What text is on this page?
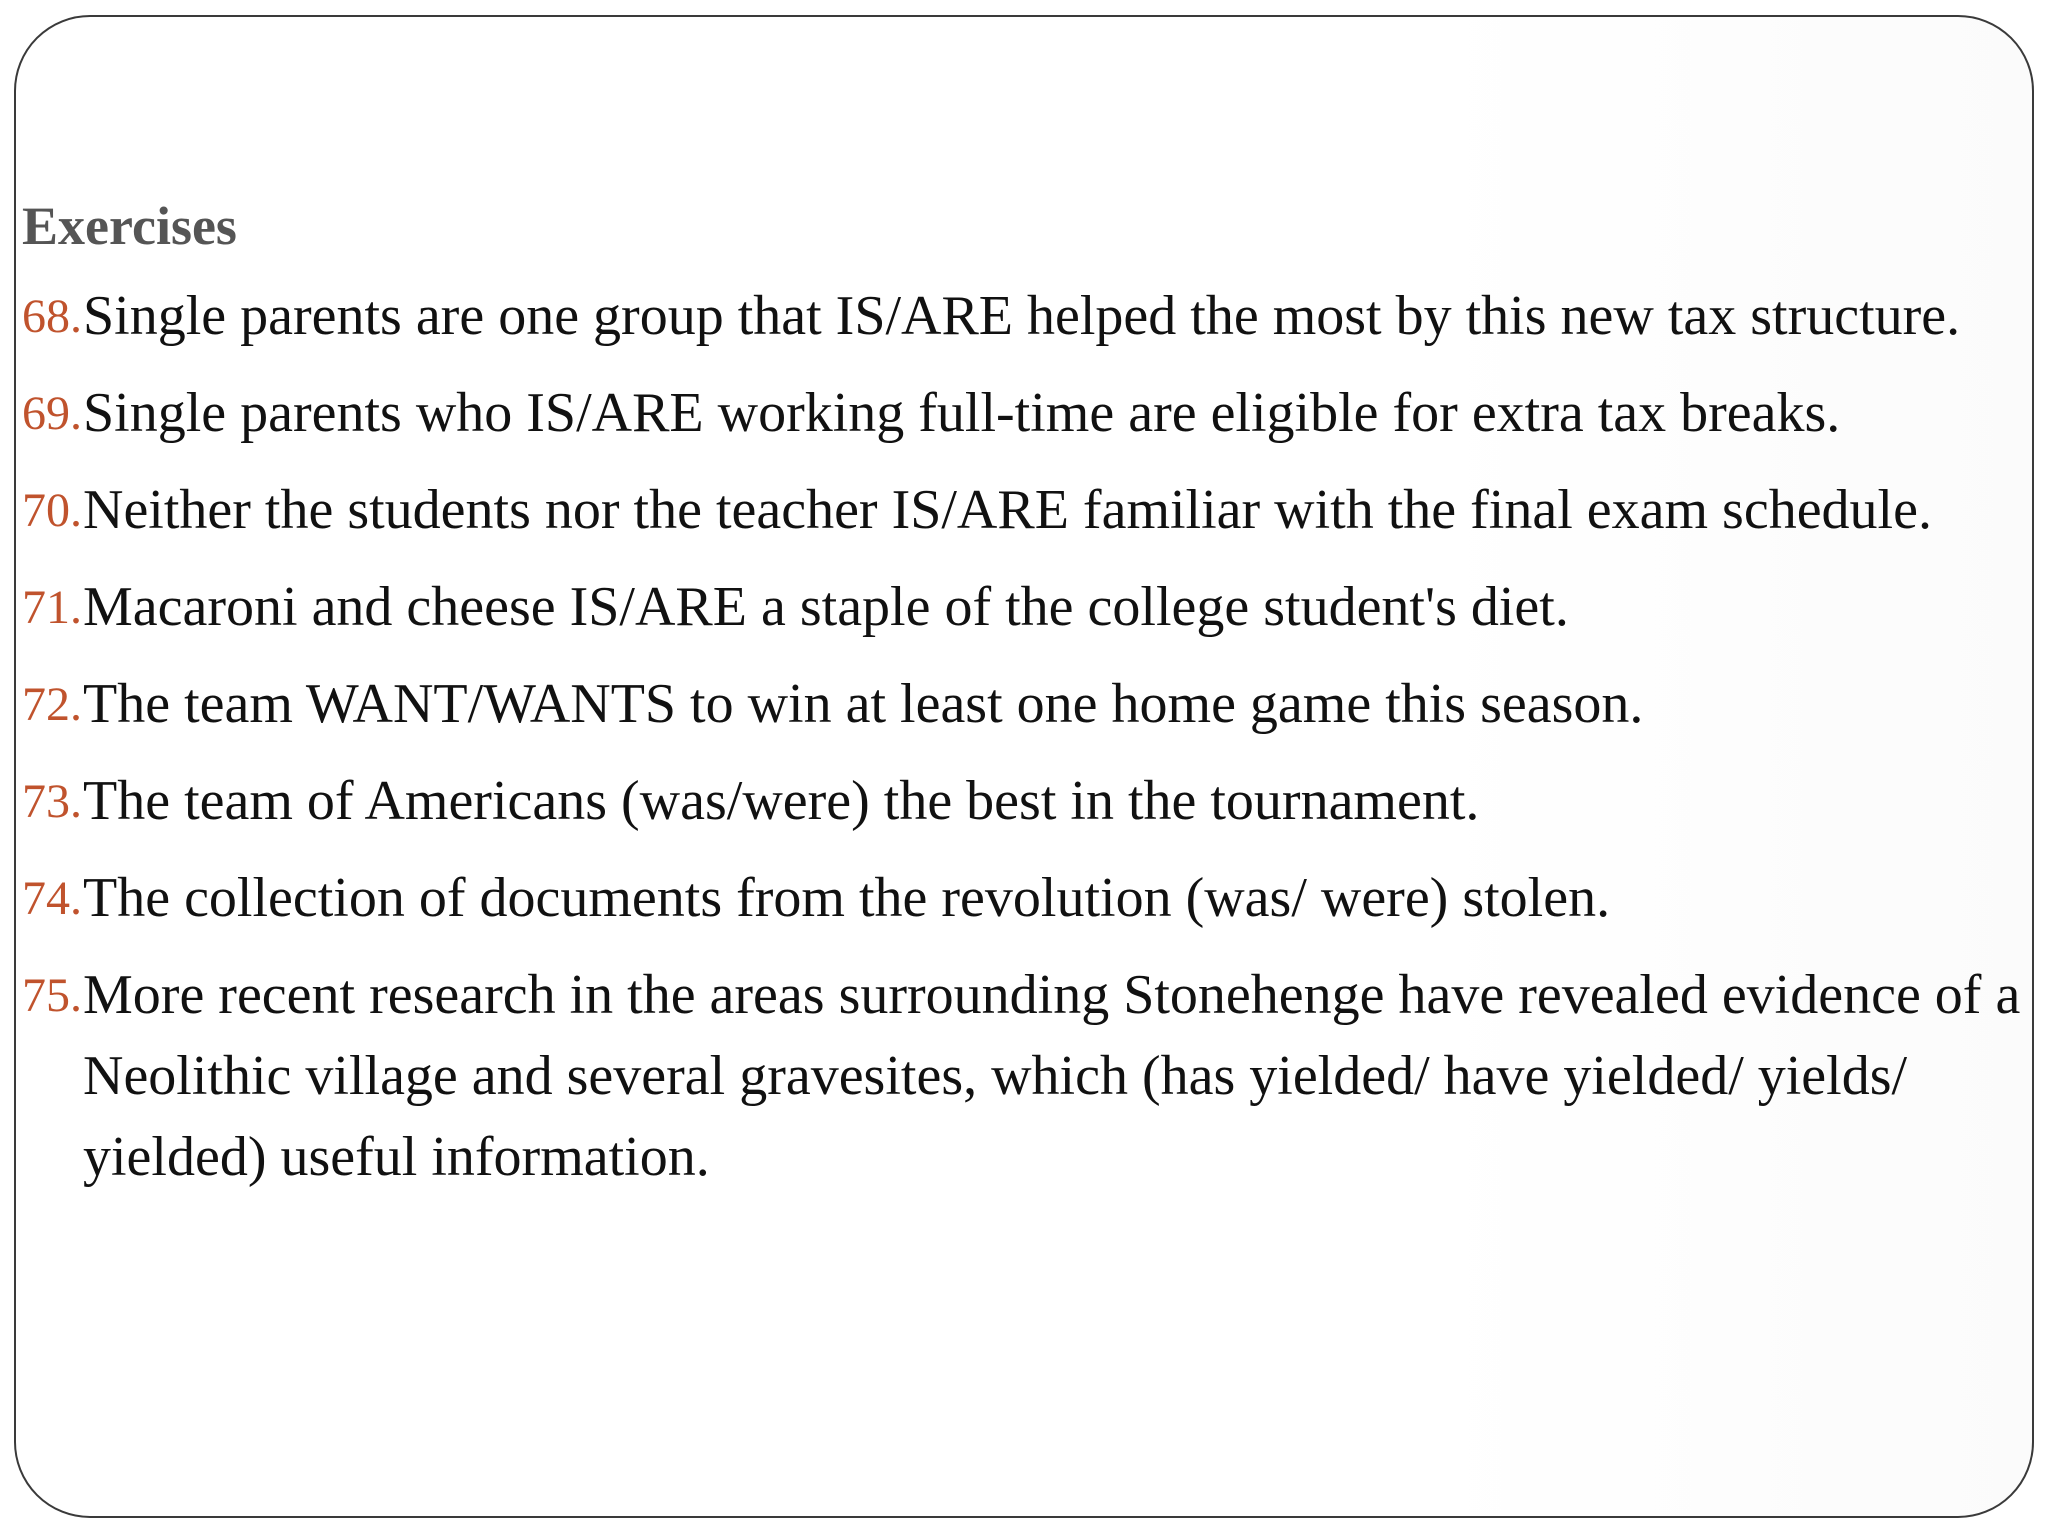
Exercises
68. Single parents are one group that IS/ARE helped the most by this new tax structure.
69. Single parents who IS/ARE working full-time are eligible for extra tax breaks.
70. Neither the students nor the teacher IS/ARE familiar with the final exam schedule.
71. Macaroni and cheese IS/ARE a staple of the college student's diet.
72. The team WANT/WANTS to win at least one home game this season.
73. The team of Americans (was/were) the best in the tournament.
74. The collection of documents from the revolution (was/ were) stolen.
75. More recent research in the areas surrounding Stonehenge have revealed evidence of a Neolithic village and several gravesites, which (has yielded/ have yielded/ yields/ yielded) useful information.
